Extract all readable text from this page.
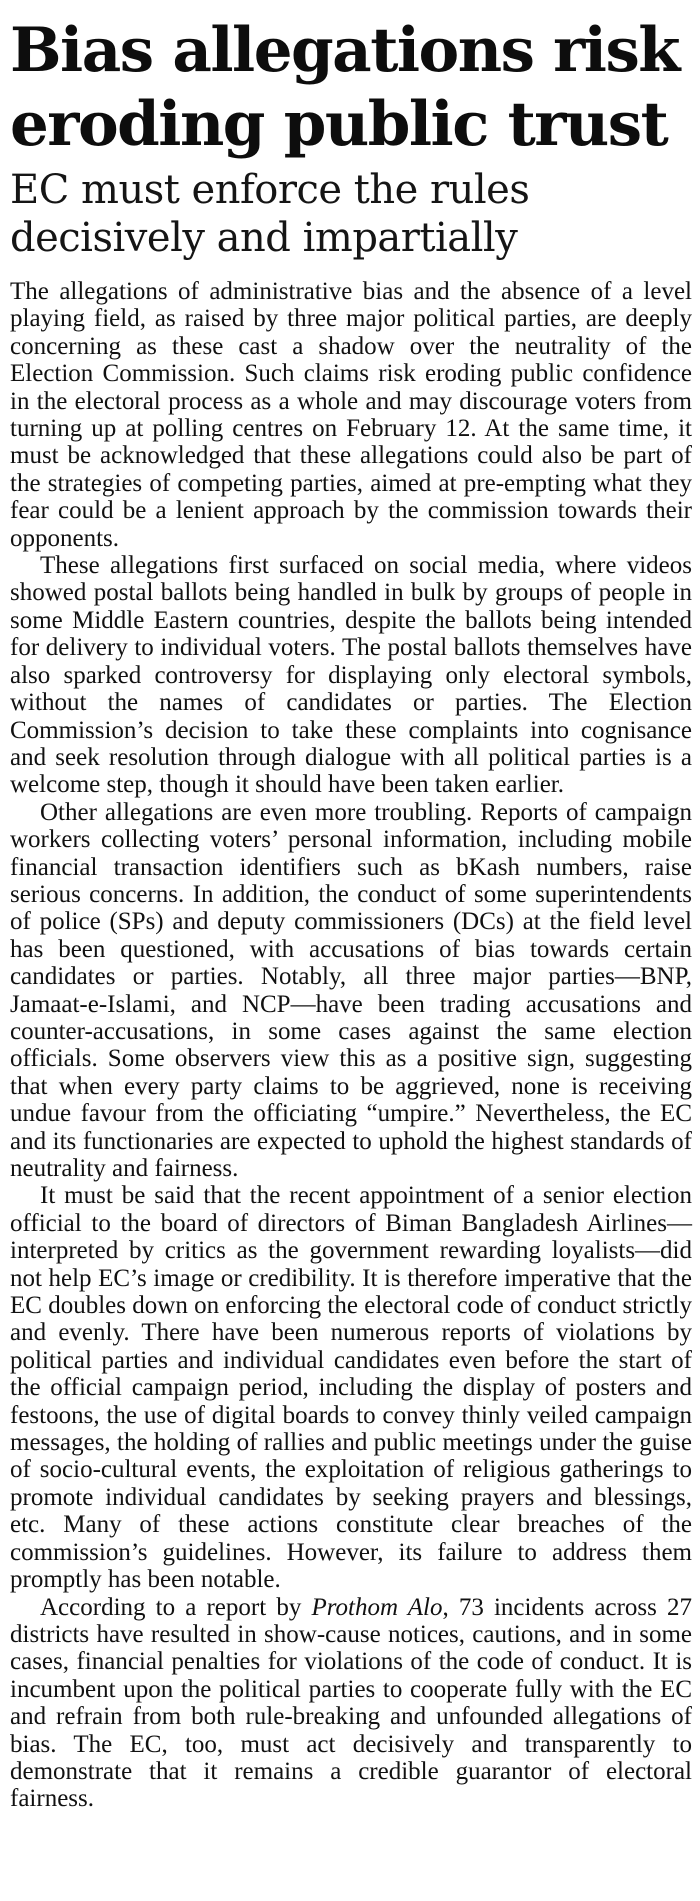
Bias allegations risk eroding public trust
EC must enforce the rules decisively and impartially

The allegations of administrative bias and the absence of a level playing field, as raised by three major political parties, are deeply concerning as these cast a shadow over the neutrality of the Election Commission. Such claims risk eroding public confidence in the electoral process as a whole and may discourage voters from turning up at polling centres on February 12. At the same time, it must be acknowledged that these allegations could also be part of the strategies of competing parties, aimed at pre-empting what they fear could be a lenient approach by the commission towards their opponents.

These allegations first surfaced on social media, where videos showed postal ballots being handled in bulk by groups of people in some Middle Eastern countries, despite the ballots being intended for delivery to individual voters. The postal ballots themselves have also sparked controversy for displaying only electoral symbols, without the names of candidates or parties. The Election Commission’s decision to take these complaints into cognisance and seek resolution through dialogue with all political parties is a welcome step, though it should have been taken earlier.

Other allegations are even more troubling. Reports of campaign workers collecting voters’ personal information, including mobile financial transaction identifiers such as bKash numbers, raise serious concerns. In addition, the conduct of some superintendents of police (SPs) and deputy commissioners (DCs) at the field level has been questioned, with accusations of bias towards certain candidates or parties. Notably, all three major parties—BNP, Jamaat-e-Islami, and NCP—have been trading accusations and counter-accusations, in some cases against the same election officials. Some observers view this as a positive sign, suggesting that when every party claims to be aggrieved, none is receiving undue favour from the officiating “umpire.” Nevertheless, the EC and its functionaries are expected to uphold the highest standards of neutrality and fairness.

It must be said that the recent appointment of a senior election official to the board of directors of Biman Bangladesh Airlines—interpreted by critics as the government rewarding loyalists—did not help EC’s image or credibility. It is therefore imperative that the EC doubles down on enforcing the electoral code of conduct strictly and evenly. There have been numerous reports of violations by political parties and individual candidates even before the start of the official campaign period, including the display of posters and festoons, the use of digital boards to convey thinly veiled campaign messages, the holding of rallies and public meetings under the guise of socio-cultural events, the exploitation of religious gatherings to promote individual candidates by seeking prayers and blessings, etc. Many of these actions constitute clear breaches of the commission’s guidelines. However, its failure to address them promptly has been notable.

According to a report by Prothom Alo, 73 incidents across 27 districts have resulted in show-cause notices, cautions, and in some cases, financial penalties for violations of the code of conduct. It is incumbent upon the political parties to cooperate fully with the EC and refrain from both rule-breaking and unfounded allegations of bias. The EC, too, must act decisively and transparently to demonstrate that it remains a credible guarantor of electoral fairness.
